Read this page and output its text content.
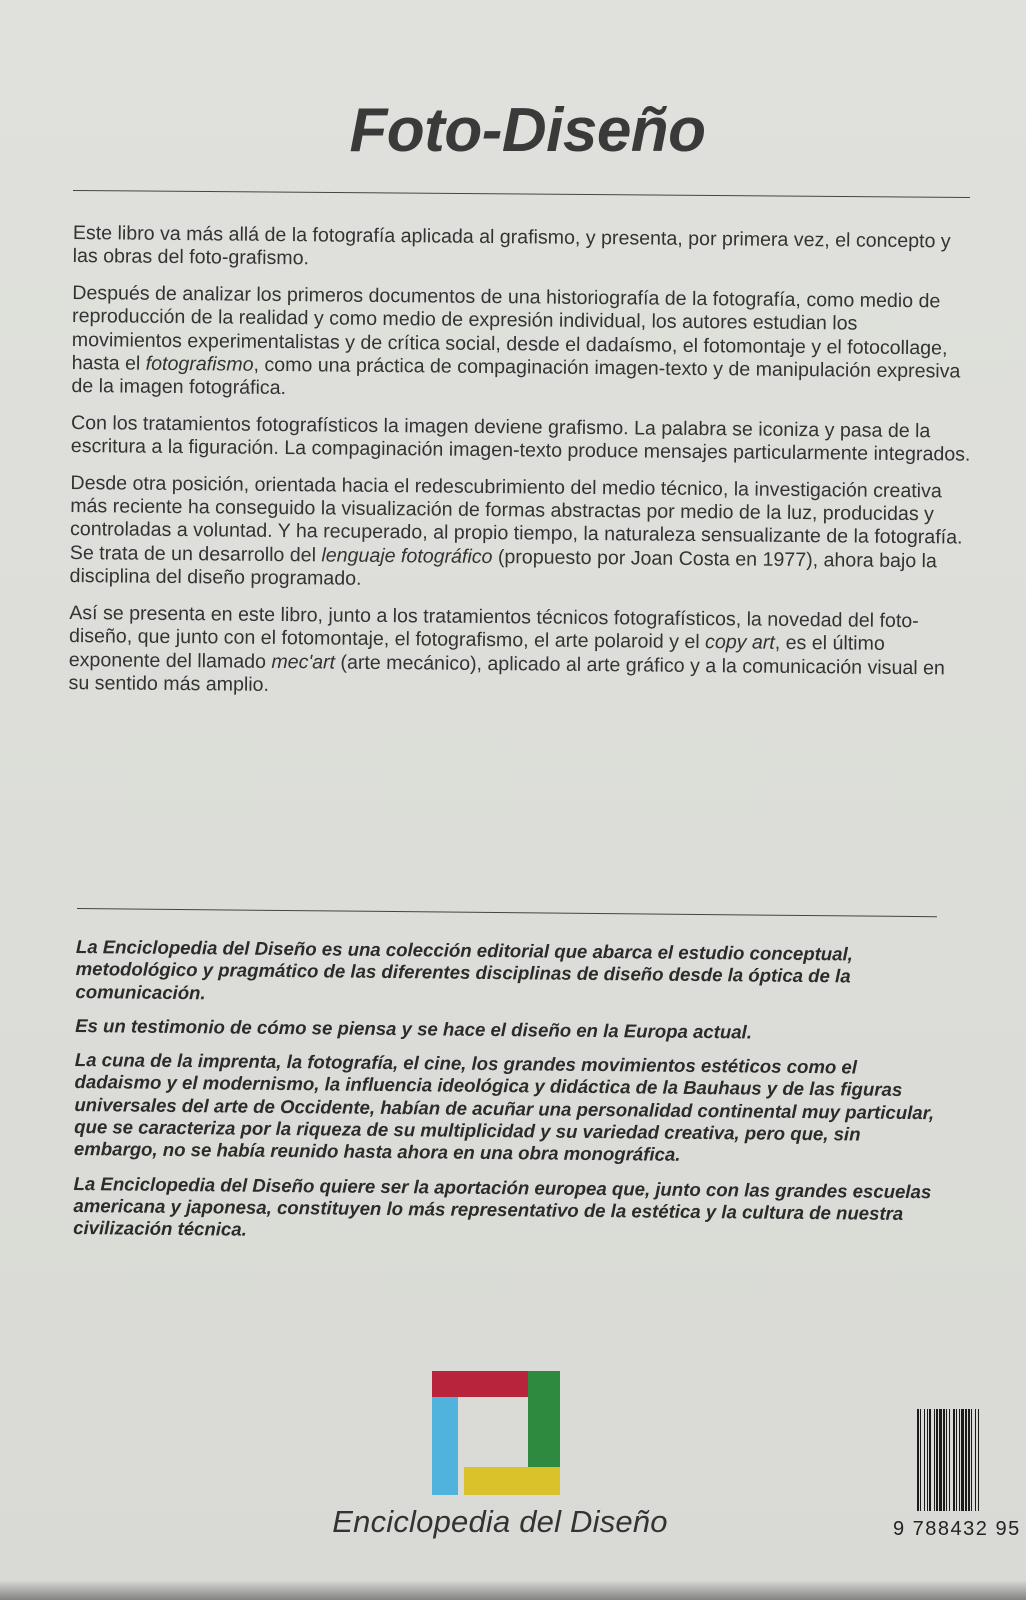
Foto-Diseño

Este libro va más allá de la fotografía aplicada al grafismo, y presenta, por primera vez, el concepto y las obras del foto-grafismo.

Después de analizar los primeros documentos de una historiografía de la fotografía, como medio de reproducción de la realidad y como medio de expresión individual, los autores estudian los movimientos experimentalistas y de crítica social, desde el dadaísmo, el fotomontaje y el fotocollage, hasta el fotografismo, como una práctica de compaginación imagen-texto y de manipulación expresiva de la imagen fotográfica.

Con los tratamientos fotografísticos la imagen deviene grafismo. La palabra se iconiza y pasa de la escritura a la figuración. La compaginación imagen-texto produce mensajes particularmente integrados.

Desde otra posición, orientada hacia el redescubrimiento del medio técnico, la investigación creativa más reciente ha conseguido la visualización de formas abstractas por medio de la luz, producidas y controladas a voluntad. Y ha recuperado, al propio tiempo, la naturaleza sensualizante de la fotografía. Se trata de un desarrollo del lenguaje fotográfico (propuesto por Joan Costa en 1977), ahora bajo la disciplina del diseño programado.

Así se presenta en este libro, junto a los tratamientos técnicos fotografísticos, la novedad del foto-diseño, que junto con el fotomontaje, el fotografismo, el arte polaroid y el copy art, es el último exponente del llamado mec'art (arte mecánico), aplicado al arte gráfico y a la comunicación visual en su sentido más amplio.

La Enciclopedia del Diseño es una colección editorial que abarca el estudio conceptual, metodológico y pragmático de las diferentes disciplinas de diseño desde la óptica de la comunicación.

Es un testimonio de cómo se piensa y se hace el diseño en la Europa actual.

La cuna de la imprenta, la fotografía, el cine, los grandes movimientos estéticos como el dadaismo y el modernismo, la influencia ideológica y didáctica de la Bauhaus y de las figuras universales del arte de Occidente, habían de acuñar una personalidad continental muy particular, que se caracteriza por la riqueza de su multiplicidad y su variedad creativa, pero que, sin embargo, no se había reunido hasta ahora en una obra monográfica.

La Enciclopedia del Diseño quiere ser la aportación europea que, junto con las grandes escuelas americana y japonesa, constituyen lo más representativo de la estética y la cultura de nuestra civilización técnica.

Enciclopedia del Diseño	9 788432 95
